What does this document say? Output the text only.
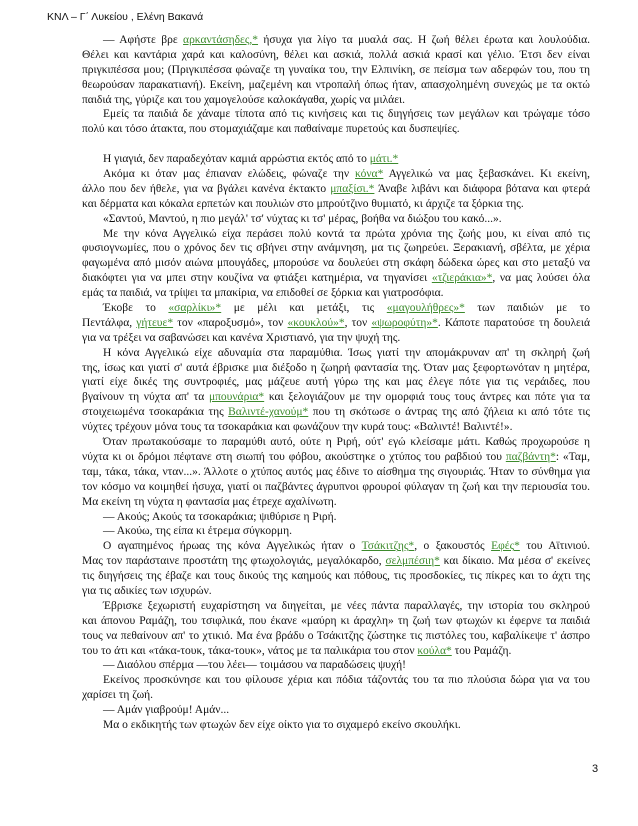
ΚΝΛ – Γ΄ Λυκείου , Ελένη Βακανά
— Αφήστε βρε αρκαντάσηδες,* ήσυχα για λίγο τα μυαλά σας. Η ζωή θέλει έρωτα και λουλούδια.
Θέλει και καντάρια χαρά και καλοσύνη, θέλει και ασκιά, πολλά ασκιά κρασί και γέλιο. Έτσι δεν είναι
πριγκιπέσσα μου; (Πριγκιπέσσα φώναζε τη γυναίκα του, την Ελπινίκη, σε πείσμα των αδερφών του, που τη
θεωρούσαν παρακατιανή). Εκείνη, μαζεμένη και ντροπαλή όπως ήταν, απασχολημένη συνεχώς με τα οκτώ
παιδιά της, γύριζε και του χαμογελούσε καλοκάγαθα, χωρίς να μιλάει.
Εμείς τα παιδιά δε χάναμε τίποτα από τις κινήσεις και τις διηγήσεις των μεγάλων και τρώγαμε τόσο
πολύ και τόσο άτακτα, που στομαχιάζαμε και παθαίναμε πυρετούς και δυσπεψίες.
Η γιαγιά, δεν παραδεχόταν καμιά αρρώστια εκτός από το μάτι.*
Ακόμα κι όταν μας έπιαναν ελώδεις, φώναζε την κόνα* Αγγελικώ να μας ξεβασκάνει. Κι εκείνη,
άλλο που δεν ήθελε, για να βγάλει κανένα έκτακτο μπαξίσι.* Άναβε λιβάνι και διάφορα βότανα και φτερά
και δέρματα και κόκαλα ερπετών και πουλιών στο μπρούτζινο θυμιατό, κι άρχιζε τα ξόρκια της.
«Σαντού, Μαντού, η πιο μεγάλ' τσ' νύχτας κι τσ' μέρας, βοήθα να διώξου του κακό...».
Με την κόνα Αγγελικώ είχα περάσει πολύ κοντά τα πρώτα χρόνια της ζωής μου, κι είναι από τις
φυσιογνωμίες, που ο χρόνος δεν τις σβήνει στην ανάμνηση, μα τις ζωηρεύει. Ξερακιανή, σβέλτα, με χέρια
φαγωμένα από μισόν αιώνα μπουγάδες, μπορούσε να δουλεύει στη σκάφη δώδεκα ώρες και στο μεταξύ να
διακόφτει για να μπει στην κουζίνα να φτιάξει κατημέρια, να τηγανίσει «τζιεράκια»*, να μας λούσει όλα
εμάς τα παιδιά, να τρίψει τα μπακίρια, να επιδοθεί σε ξόρκια και γιατροσόφια.
Έκοβε το «σαρλίκι»* με μέλι και μετάξι, τις «μαγουλήθρες»* των παιδιών με το
Πεντάλφα, γήτευε* τον «παροξυσμό», τον «κουκλού»*, τον «ψωροφύτη»*. Κάποτε παρατούσε τη δουλειά
για να τρέξει να σαβανώσει και κανένα Χριστιανό, για την ψυχή της.
Η κόνα Αγγελικώ είχε αδυναμία στα παραμύθια. Ίσως γιατί την απομάκρυναν απ' τη σκληρή ζωή
της, ίσως και γιατί σ' αυτά έβρισκε μια διέξοδο η ζωηρή φαντασία της. Όταν μας ξεφορτωνόταν η μητέρα,
γιατί είχε δικές της συντροφιές, μας μάζευε αυτή γύρω της και μας έλεγε πότε για τις νεράιδες, που
βγαίνουν τη νύχτα απ' τα μπουνάρια* και ξελογιάζουν με την ομορφιά τους τους άντρες και πότε για τα
στοιχειωμένα τσοκαράκια της Βαλιντέ-χανούμ* που τη σκότωσε ο άντρας της από ζήλεια κι από τότε τις
νύχτες τρέχουν μόνα τους τα τσοκαράκια και φωνάζουν την κυρά τους: «Βαλιντέ! Βαλιντέ!».
Όταν πρωτακούσαμε το παραμύθι αυτό, ούτε η Ριρή, ούτ' εγώ κλείσαμε μάτι. Καθώς προχωρούσε η
νύχτα κι οι δρόμοι πέφτανε στη σιωπή του φόβου, ακούστηκε ο χτύπος του ραβδιού του παζβάντη*: «Ταμ,
ταμ, τάκα, τάκα, νταν...». Άλλοτε ο χτύπος αυτός μας έδινε το αίσθημα της σιγουριάς. Ήταν το σύνθημα για
τον κόσμο να κοιμηθεί ήσυχα, γιατί οι παζβάντες άγρυπνοι φρουροί φύλαγαν τη ζωή και την περιουσία του.
Μα εκείνη τη νύχτα η φαντασία μας έτρεχε αχαλίνωτη.
— Ακούς; Ακούς τα τσοκαράκια; ψιθύρισε η Ριρή.
— Ακούω, της είπα κι έτρεμα σύγκορμη.
Ο αγαπημένος ήρωας της κόνα Αγγελικώς ήταν ο Τσάκιτζης*, ο ξακουστός Εφές* του Αϊτινιού.
Μας τον παράσταινε προστάτη της φτωχολογιάς, μεγαλόκαρδο, σελμπέσιη* και δίκαιο. Μα μέσα σ' εκείνες
τις διηγήσεις της έβαζε και τους δικούς της καημούς και πόθους, τις προσδοκίες, τις πίκρες και το άχτι της
για τις αδικίες των ισχυρών.
Έβρισκε ξεχωριστή ευχαρίστηση να διηγείται, με νέες πάντα παραλλαγές, την ιστορία του σκληρού
και άπονου Ραμάζη, του τσιφλικά, που έκανε «μαύρη κι άραχλη» τη ζωή των φτωχών κι έφερνε τα παιδιά
τους να πεθαίνουν απ' το χτικιό. Μα ένα βράδυ ο Τσάκιτζης ζώστηκε τις πιστόλες του, καβαλίκεψε τ' άσπρο
του το άτι και «τάκα-τουκ, τάκα-τουκ», νάτος με τα παλικάρια του στον κούλα* του Ραμάζη.
— Διαόλου σπέρμα —του λέει— τοιμάσου να παραδώσεις ψυχή!
Εκείνος προσκύνησε και του φίλουσε χέρια και πόδια τάζοντάς του τα πιο πλούσια δώρα για να του
χαρίσει τη ζωή.
— Αμάν γιαβρούμ! Αμάν...
Μα ο εκδικητής των φτωχών δεν είχε οίκτο για το σιχαμερό εκείνο σκουλήκι.
3
